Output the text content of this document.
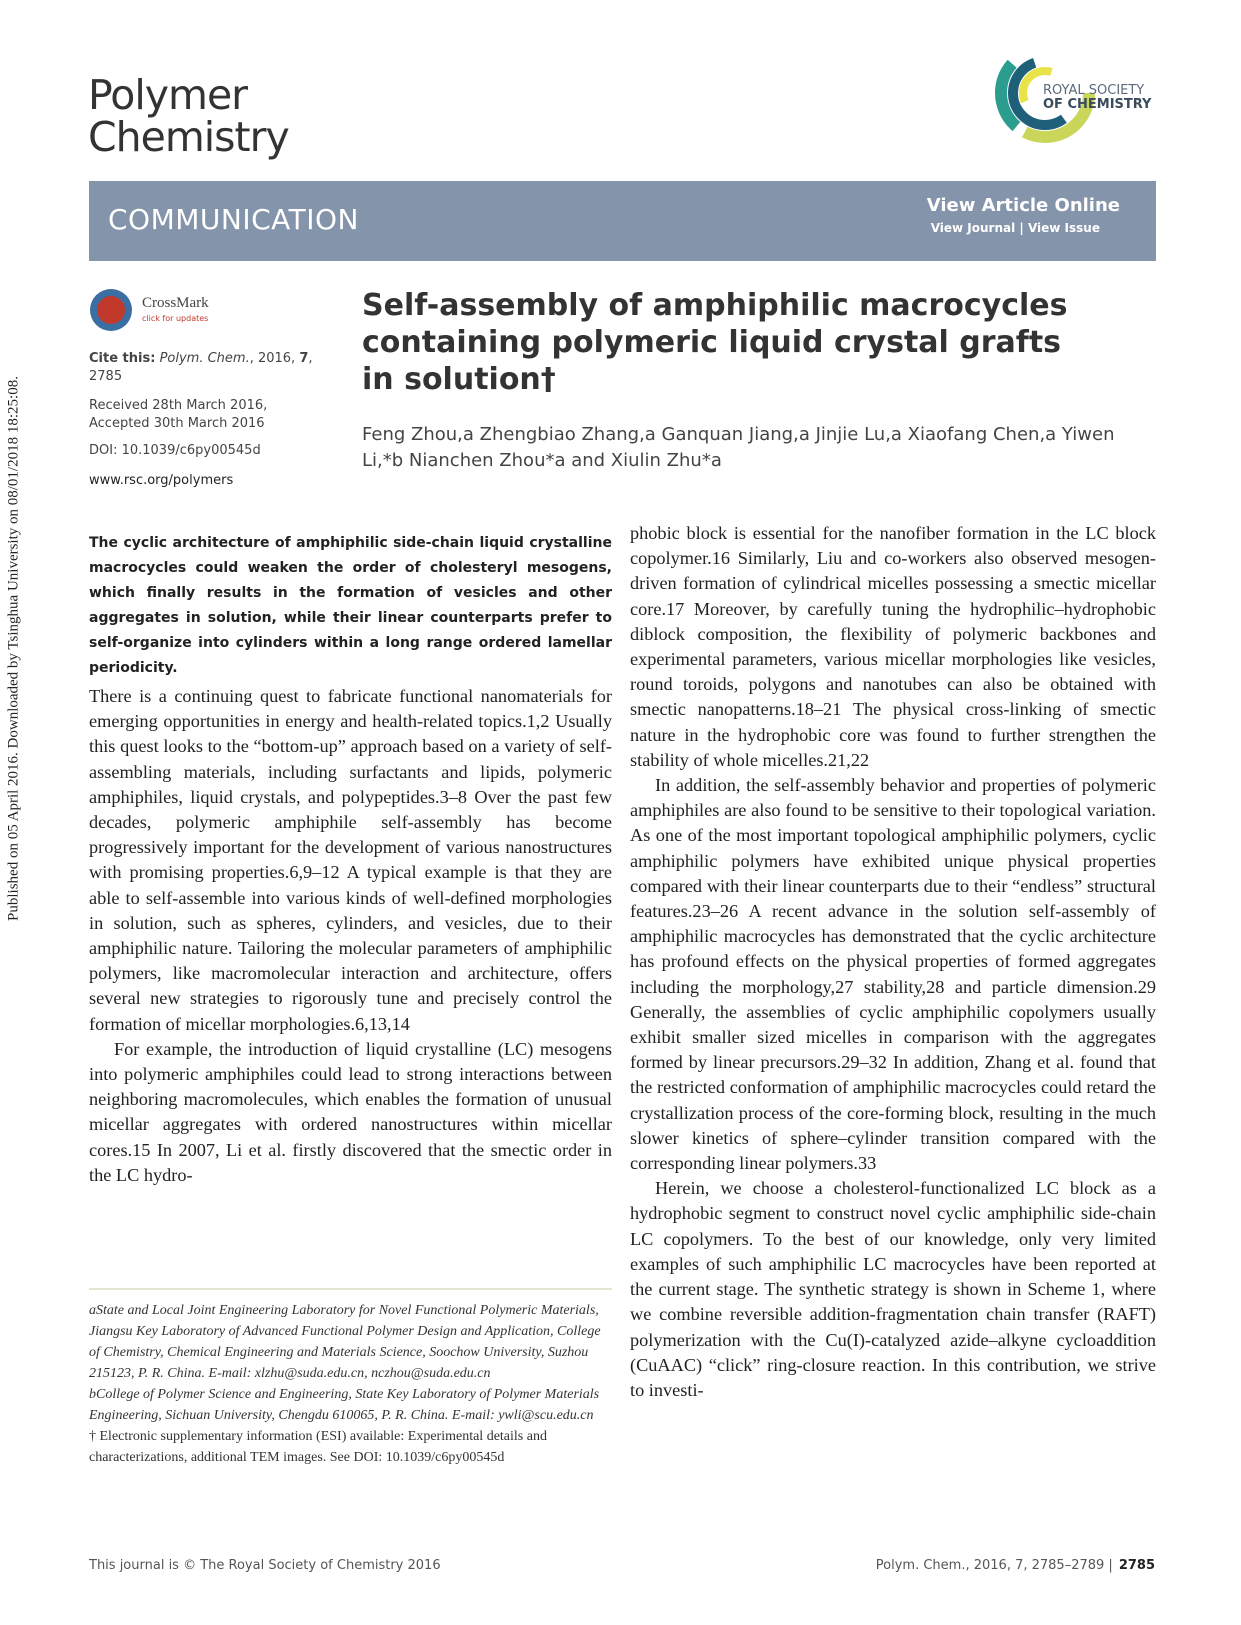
Published on 05 April 2016. Downloaded by Tsinghua University on 08/01/2018 18:25:08.
Polymer
Chemistry
ROYAL SOCIETY
OF CHEMISTRY
COMMUNICATION	View Article Online
View Journal | View Issue
CrossMark
click for updates
Cite this: Polym. Chem., 2016, 7,
2785
Received 28th March 2016,
Accepted 30th March 2016
DOI: 10.1039/c6py00545d
www.rsc.org/polymers
Self-assembly of amphiphilic macrocycles containing polymeric liquid crystal grafts in solution†
Feng Zhou,a Zhengbiao Zhang,a Ganquan Jiang,a Jinjie Lu,a Xiaofang Chen,a Yiwen Li,*b Nianchen Zhou*a and Xiulin Zhu*a
The cyclic architecture of amphiphilic side-chain liquid crystalline macrocycles could weaken the order of cholesteryl mesogens, which finally results in the formation of vesicles and other aggregates in solution, while their linear counterparts prefer to self-organize into cylinders within a long range ordered lamellar periodicity.

There is a continuing quest to fabricate functional nanomaterials for emerging opportunities in energy and health-related topics.1,2 Usually this quest looks to the “bottom-up” approach based on a variety of self-assembling materials, including surfactants and lipids, polymeric amphiphiles, liquid crystals, and polypeptides.3–8 Over the past few decades, polymeric amphiphile self-assembly has become progressively important for the development of various nanostructures with promising properties.6,9–12 A typical example is that they are able to self-assemble into various kinds of well-defined morphologies in solution, such as spheres, cylinders, and vesicles, due to their amphiphilic nature. Tailoring the molecular parameters of amphiphilic polymers, like macromolecular interaction and architecture, offers several new strategies to rigorously tune and precisely control the formation of micellar morphologies.6,13,14

For example, the introduction of liquid crystalline (LC) mesogens into polymeric amphiphiles could lead to strong interactions between neighboring macromolecules, which enables the formation of unusual micellar aggregates with ordered nanostructures within micellar cores.15 In 2007, Li et al. firstly discovered that the smectic order in the LC hydro-

phobic block is essential for the nanofiber formation in the LC block copolymer.16 Similarly, Liu and co-workers also observed mesogen-driven formation of cylindrical micelles possessing a smectic micellar core.17 Moreover, by carefully tuning the hydrophilic–hydrophobic diblock composition, the flexibility of polymeric backbones and experimental parameters, various micellar morphologies like vesicles, round toroids, polygons and nanotubes can also be obtained with smectic nanopatterns.18–21 The physical cross-linking of smectic nature in the hydrophobic core was found to further strengthen the stability of whole micelles.21,22

In addition, the self-assembly behavior and properties of polymeric amphiphiles are also found to be sensitive to their topological variation. As one of the most important topological amphiphilic polymers, cyclic amphiphilic polymers have exhibited unique physical properties compared with their linear counterparts due to their “endless” structural features.23–26 A recent advance in the solution self-assembly of amphiphilic macrocycles has demonstrated that the cyclic architecture has profound effects on the physical properties of formed aggregates including the morphology,27 stability,28 and particle dimension.29 Generally, the assemblies of cyclic amphiphilic copolymers usually exhibit smaller sized micelles in comparison with the aggregates formed by linear precursors.29–32 In addition, Zhang et al. found that the restricted conformation of amphiphilic macrocycles could retard the crystallization process of the core-forming block, resulting in the much slower kinetics of sphere–cylinder transition compared with the corresponding linear polymers.33

Herein, we choose a cholesterol-functionalized LC block as a hydrophobic segment to construct novel cyclic amphiphilic side-chain LC copolymers. To the best of our knowledge, only very limited examples of such amphiphilic LC macrocycles have been reported at the current stage. The synthetic strategy is shown in Scheme 1, where we combine reversible addition-fragmentation chain transfer (RAFT) polymerization with the Cu(I)-catalyzed azide–alkyne cycloaddition (CuAAC) “click” ring-closure reaction. In this contribution, we strive to investi-

aState and Local Joint Engineering Laboratory for Novel Functional Polymeric Materials, Jiangsu Key Laboratory of Advanced Functional Polymer Design and Application, College of Chemistry, Chemical Engineering and Materials Science, Soochow University, Suzhou 215123, P. R. China. E-mail: xlzhu@suda.edu.cn, nczhou@suda.edu.cn

bCollege of Polymer Science and Engineering, State Key Laboratory of Polymer Materials Engineering, Sichuan University, Chengdu 610065, P. R. China. E-mail: ywli@scu.edu.cn

† Electronic supplementary information (ESI) available: Experimental details and characterizations, additional TEM images. See DOI: 10.1039/c6py00545d

This journal is © The Royal Society of Chemistry 2016	Polym. Chem., 2016, 7, 2785–2789 | 2785
